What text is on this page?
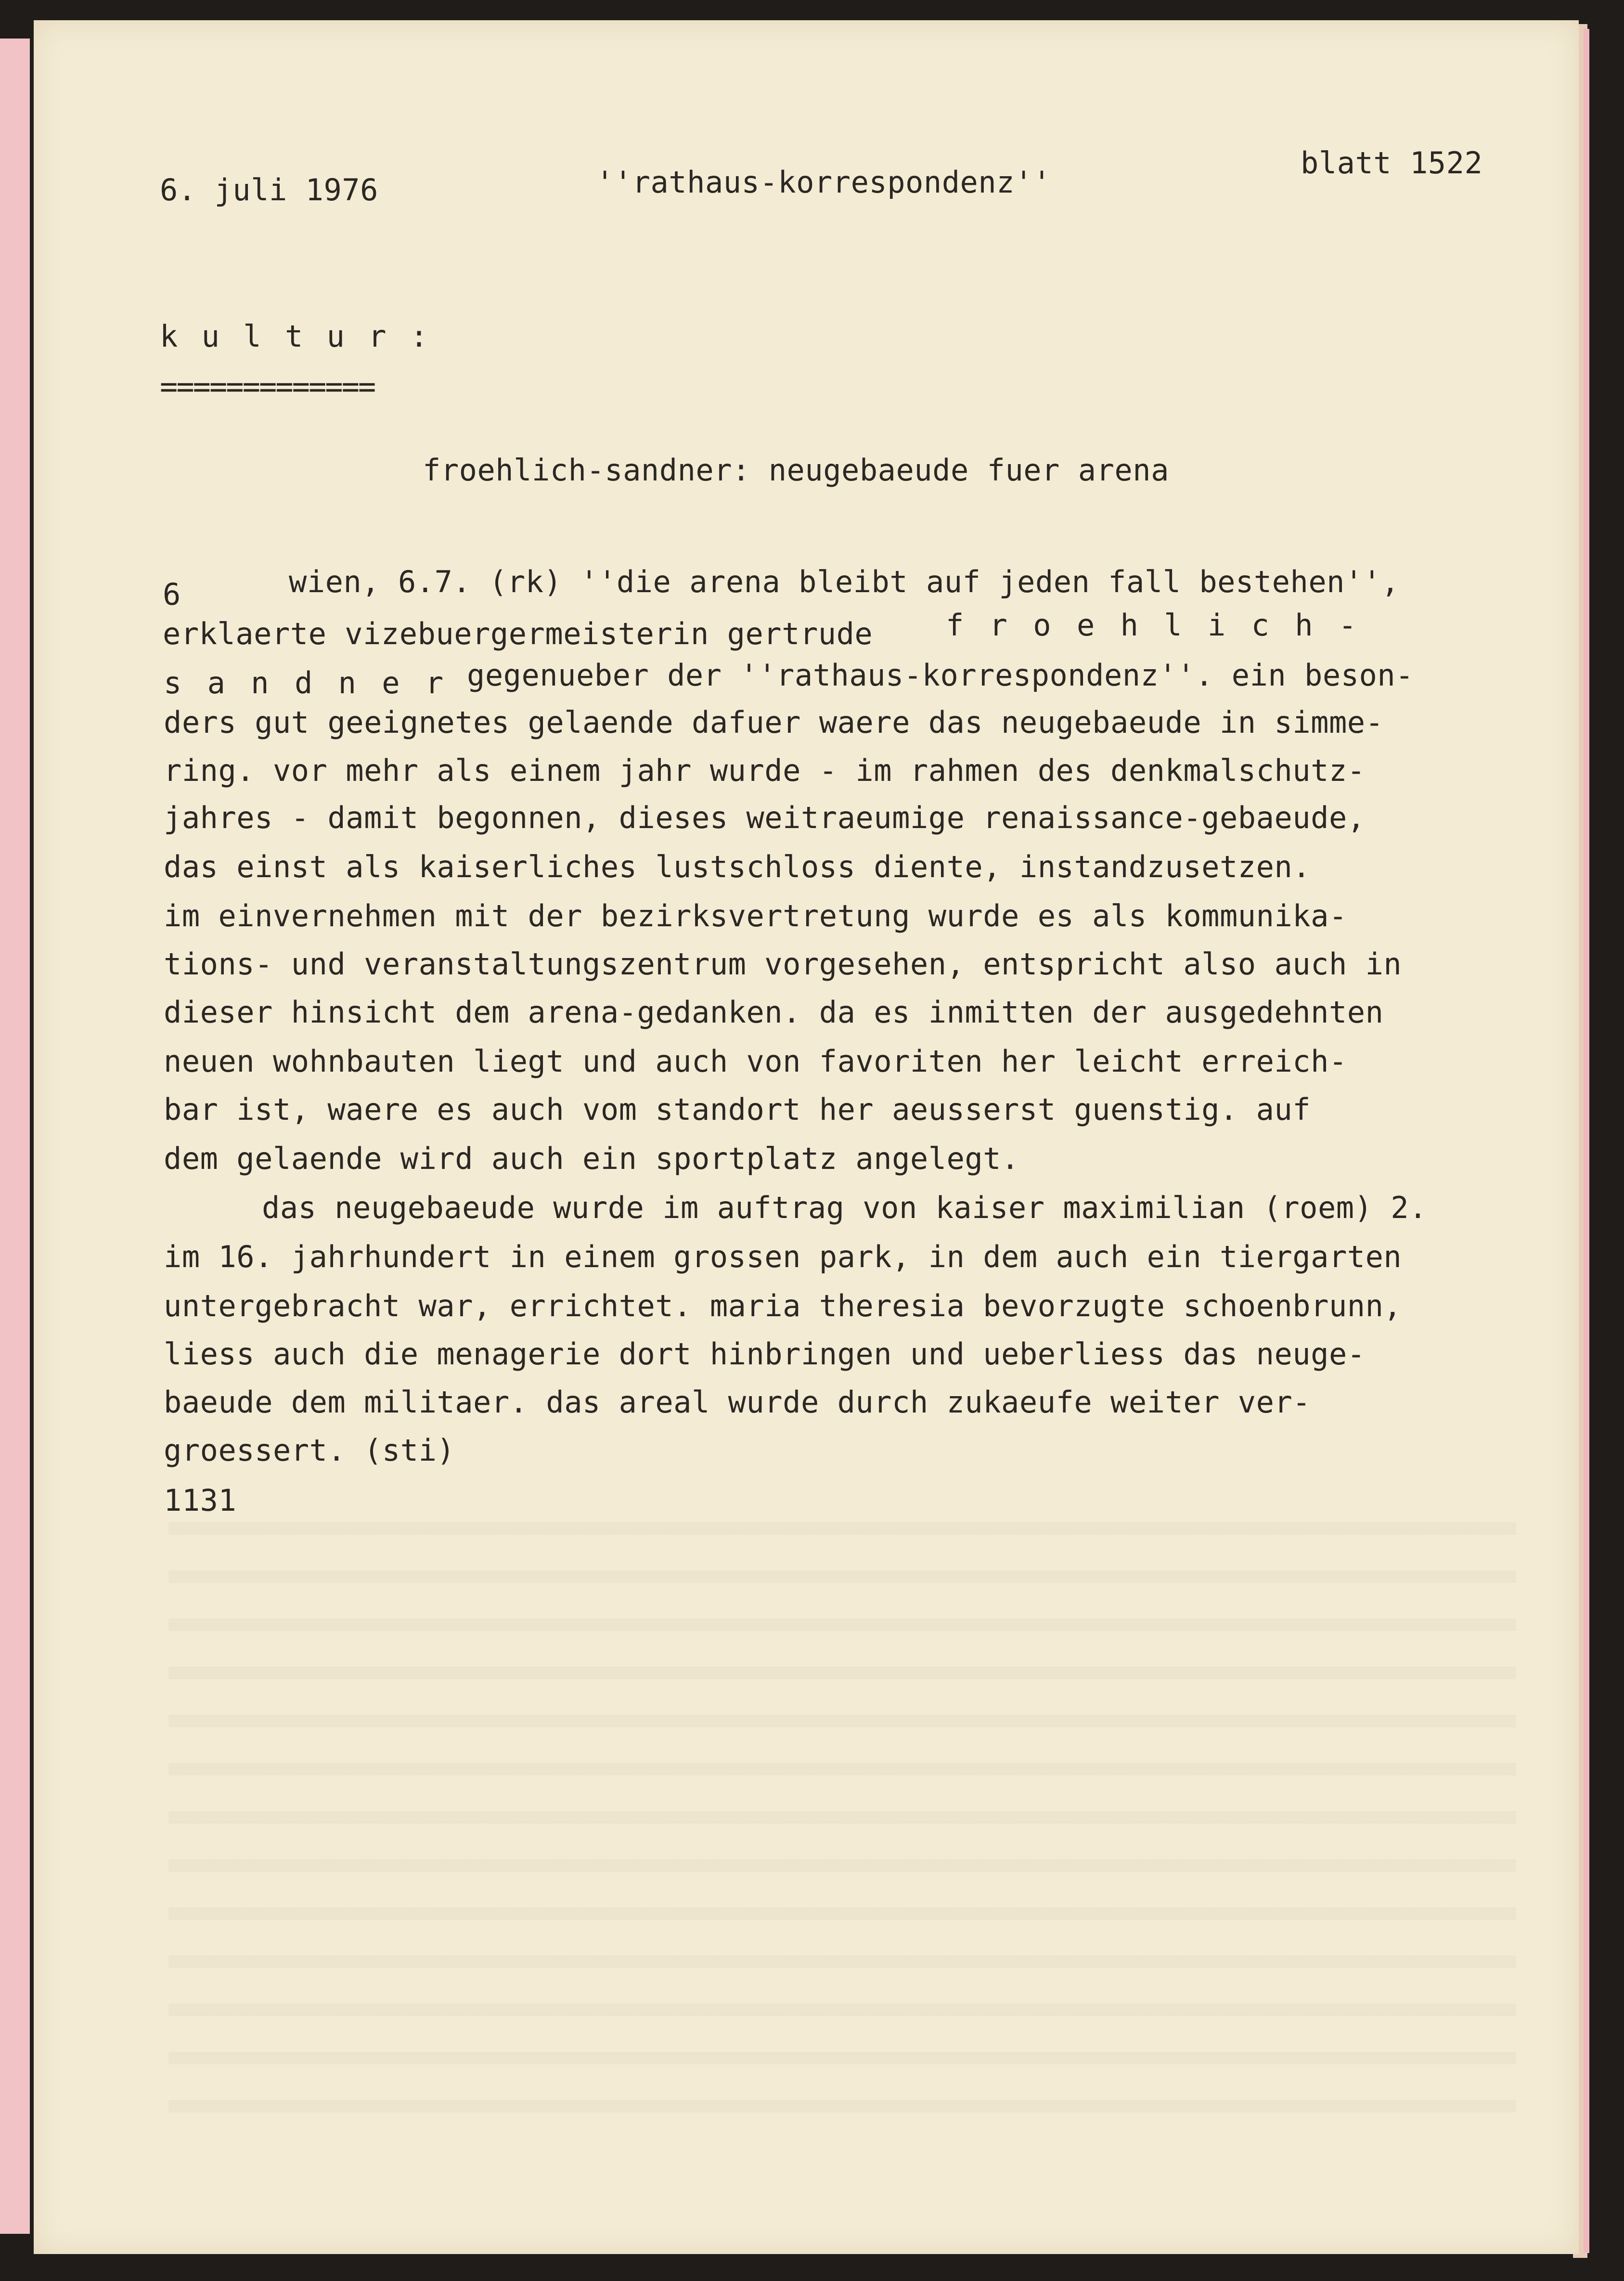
6. juli 1976	''rathaus-korrespondenz''
blatt 1522
k u l t u r :
=============
froehlich-sandner: neugebaeude fuer arena
6	wien, 6.7. (rk) ''die arena bleibt auf jeden fall bestehen'',
erklaerte vizebuergermeisterin gertrude f r o e h l i c h -
s a n d n e r gegenueber der ''rathaus-korrespondenz''. ein beson-
ders gut geeignetes gelaende dafuer waere das neugebaeude in simme-
ring. vor mehr als einem jahr wurde - im rahmen des denkmalschutz-
jahres - damit begonnen, dieses weitraeumige renaissance-gebaeude,
das einst als kaiserliches lustschloss diente, instandzusetzen.
im einvernehmen mit der bezirksvertretung wurde es als kommunika-
tions- und veranstaltungszentrum vorgesehen, entspricht also auch in
dieser hinsicht dem arena-gedanken. da es inmitten der ausgedehnten
neuen wohnbauten liegt und auch von favoriten her leicht erreich-
bar ist, waere es auch vom standort her aeusserst guenstig. auf
dem gelaende wird auch ein sportplatz angelegt.
das neugebaeude wurde im auftrag von kaiser maximilian (roem) 2.
im 16. jahrhundert in einem grossen park, in dem auch ein tiergarten
untergebracht war, errichtet. maria theresia bevorzugte schoenbrunn,
liess auch die menagerie dort hinbringen und ueberliess das neuge-
baeude dem militaer. das areal wurde durch zukaeufe weiter ver-
groessert. (sti)
1131
